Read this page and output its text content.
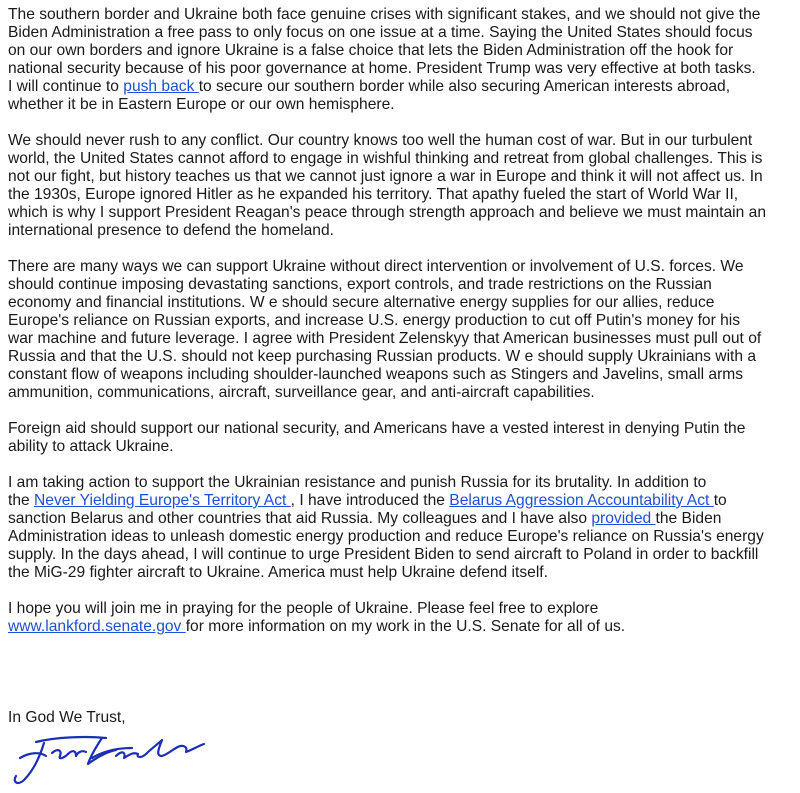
The southern border and Ukraine both face genuine crises with significant stakes, and we should not give the
Biden Administration a free pass to only focus on one issue at a time. Saying the United States should focus
on our own borders and ignore Ukraine is a false choice that lets the Biden Administration off the hook for
national security because of his poor governance at home. President Trump was very effective at both tasks.
I will continue to push back to secure our southern border while also securing American interests abroad,
whether it be in Eastern Europe or our own hemisphere.

We should never rush to any conflict. Our country knows too well the human cost of war. But in our turbulent
world, the United States cannot afford to engage in wishful thinking and retreat from global challenges. This is
not our fight, but history teaches us that we cannot just ignore a war in Europe and think it will not affect us. In
the 1930s, Europe ignored Hitler as he expanded his territory. That apathy fueled the start of World War II,
which is why I support President Reagan's peace through strength approach and believe we must maintain an
international presence to defend the homeland.

There are many ways we can support Ukraine without direct intervention or involvement of U.S. forces. We
should continue imposing devastating sanctions, export controls, and trade restrictions on the Russian
economy and financial institutions. W e should secure alternative energy supplies for our allies, reduce
Europe's reliance on Russian exports, and increase U.S. energy production to cut off Putin's money for his
war machine and future leverage. I agree with President Zelenskyy that American businesses must pull out of
Russia and that the U.S. should not keep purchasing Russian products. W e should supply Ukrainians with a
constant flow of weapons including shoulder-launched weapons such as Stingers and Javelins, small arms
ammunition, communications, aircraft, surveillance gear, and anti-aircraft capabilities.

Foreign aid should support our national security, and Americans have a vested interest in denying Putin the
ability to attack Ukraine.

I am taking action to support the Ukrainian resistance and punish Russia for its brutality. In addition to
the Never Yielding Europe's Territory Act , I have introduced the Belarus Aggression Accountability Act to
sanction Belarus and other countries that aid Russia. My colleagues and I have also provided the Biden
Administration ideas to unleash domestic energy production and reduce Europe's reliance on Russia's energy
supply. In the days ahead, I will continue to urge President Biden to send aircraft to Poland in order to backfill
the MiG-29 fighter aircraft to Ukraine. America must help Ukraine defend itself.

I hope you will join me in praying for the people of Ukraine. Please feel free to explore
www.lankford.senate.gov for more information on my work in the U.S. Senate for all of us.

In God We Trust,
